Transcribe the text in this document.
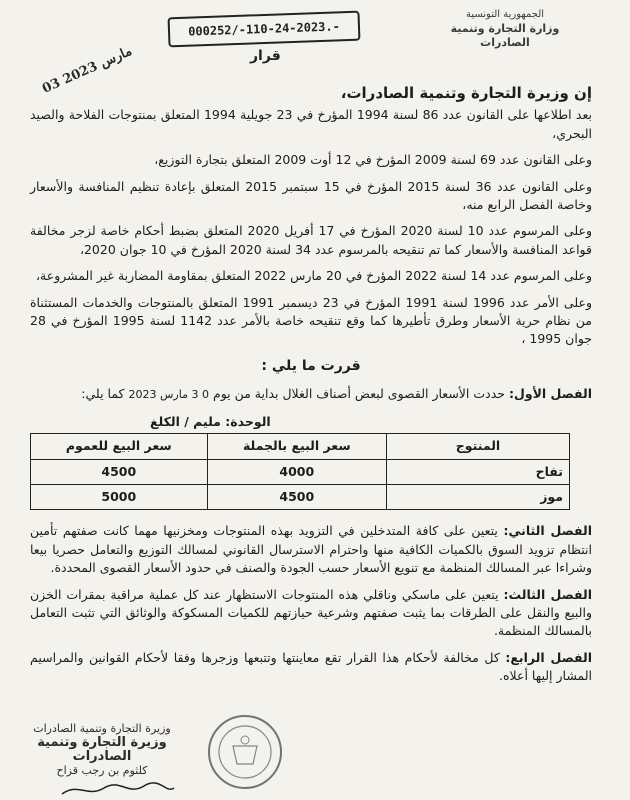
الجمهورية التونسية
وزارة التجارة وتنمية الصادرات
000252/-110-24-2023.-
قرار
03 مارس 2023
إن وزيرة التجارة وتنمية الصادرات،

بعد اطلاعها على القانون عدد 86 لسنة 1994 المؤرخ في 23 جويلية 1994 المتعلق بمنتوجات الفلاحة والصيد البحري،

وعلى القانون عدد 69 لسنة 2009 المؤرخ في 12 أوت 2009 المتعلق بتجارة التوزيع،

وعلى القانون عدد 36 لسنة 2015 المؤرخ في 15 سبتمبر 2015 المتعلق بإعادة تنظيم المنافسة والأسعار وخاصة الفصل الرابع منه،

وعلى المرسوم عدد 10 لسنة 2020 المؤرخ في 17 أفريل 2020 المتعلق بضبط أحكام خاصة لزجر مخالفة قواعد المنافسة والأسعار كما تم تنقيحه بالمرسوم عدد 34 لسنة 2020 المؤرخ في 10 جوان 2020،

وعلى المرسوم عدد 14 لسنة 2022 المؤرخ في 20 مارس 2022 المتعلق بمقاومة المضاربة غير المشروعة،

وعلى الأمر عدد 1996 لسنة 1991 المؤرخ في 23 ديسمبر 1991 المتعلق بالمنتوجات والخدمات المستثناة من نظام حرية الأسعار وطرق تأطيرها كما وقع تنقيحه خاصة بالأمر عدد 1142 لسنة 1995 المؤرخ في 28 جوان 1995 ،

قررت ما يلي :

الفصل الأول: حددت الأسعار القصوى لبعض أصناف الغلال بداية من يوم 0 3 مارس 2023 كما يلي:

الوحدة: مليم / الكلغ
المنتوج	سعر البيع بالجملة	سعر البيع للعموم
تفاح	4000	4500
موز	4500	5000

الفصل الثاني: يتعين على كافة المتدخلين في التزويد بهذه المنتوجات ومخزنيها مهما كانت صفتهم تأمين انتظام تزويد السوق بالكميات الكافية منها واحترام الاسترسال القانوني لمسالك التوزيع والتعامل حصريا بيعا وشراءا عبر المسالك المنظمة مع تنويع الأسعار حسب الجودة والصنف في حدود الأسعار القصوى المحددة.

الفصل الثالث: يتعين على ماسكي وناقلي هذه المنتوجات الاستظهار عند كل عملية مراقبة بمقرات الخزن والبيع والنقل على الطرقات بما يثبت صفتهم وشرعية حيازتهم للكميات المسكوكة والوثائق التي تثبت التعامل بالمسالك المنظمة.

الفصل الرابع: كل مخالفة لأحكام هذا القرار تقع معاينتها وتتبعها وزجرها وفقا لأحكام القوانين والمراسيم المشار إليها أعلاه.

وزيرة التجارة وتنمية الصادرات
وزيرة التجارة وتنمية الصادرات
كلثوم بن رجب قزاح
